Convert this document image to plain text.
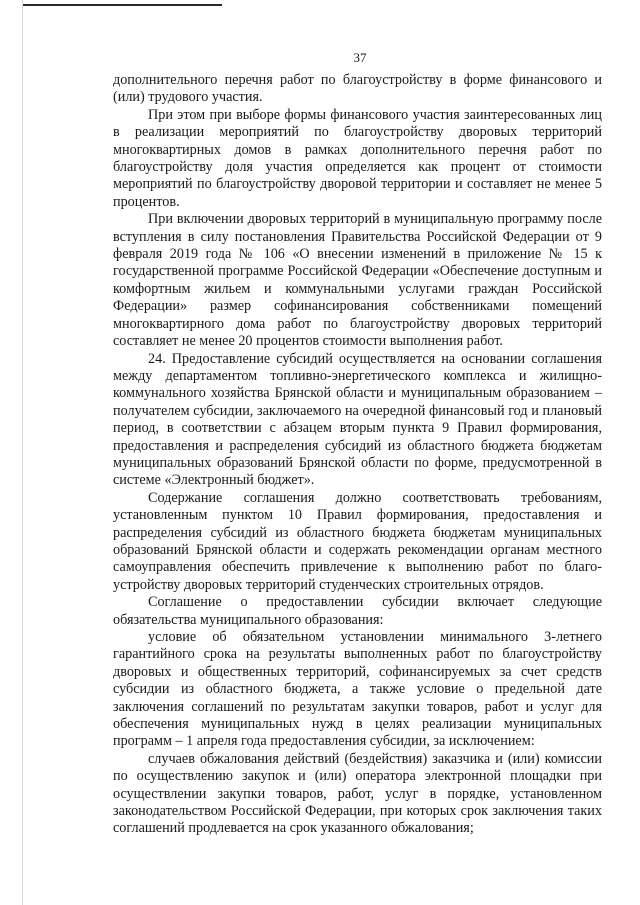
37

дополнительного перечня работ по благоустройству в форме финансового и (или) трудового участия.

При этом при выборе формы финансового участия заинтересованных лиц в реализации мероприятий по благоустройству дворовых территорий многоквартирных домов в рамках дополнительного перечня работ по благоустройству доля участия определяется как процент от стоимости мероприятий по благоустройству дворовой территории и составляет не менее 5 процентов.

При включении дворовых территорий в муниципальную программу после вступления в силу постановления Правительства Российской Федерации от 9 февраля 2019 года № 106 «О внесении изменений в приложение № 15 к государственной программе Российской Федерации «Обеспечение доступным и комфортным жильем и коммунальными услугами граждан Российской Федерации» размер софинансирования собственниками помещений многоквартирного дома работ по благоустройству дворовых территорий составляет не менее 20 процентов стоимости выполнения работ.

24. Предоставление субсидий осуществляется на основании соглашения между департаментом топливно-энергетического комплекса и жилищно-коммунального хозяйства Брянской области и муниципальным образованием – получателем субсидии, заключаемого на очередной финансовый год и плановый период, в соответствии с абзацем вторым пункта 9 Правил формирования, предоставления и распределения субсидий из областного бюджета бюджетам муниципальных образований Брянской области по форме, предусмотренной в системе «Электронный бюджет».

Содержание соглашения должно соответствовать требованиям, установленным пунктом 10 Правил формирования, предоставления и распределения субсидий из областного бюджета бюджетам муниципальных образований Брянской области и содержать рекомендации органам местного самоуправления обеспечить привлечение к выполнению работ по благоустройству дворовых территорий студенческих строительных отрядов.

Соглашение о предоставлении субсидии включает следующие обязательства муниципального образования:

условие об обязательном установлении минимального 3-летнего гарантийного срока на результаты выполненных работ по благоустройству дворовых и общественных территорий, софинансируемых за счет средств субсидии из областного бюджета, а также условие о предельной дате заключения соглашений по результатам закупки товаров, работ и услуг для обеспечения муниципальных нужд в целях реализации муниципальных программ – 1 апреля года предоставления субсидии, за исключением:

случаев обжалования действий (бездействия) заказчика и (или) комиссии по осуществлению закупок и (или) оператора электронной площадки при осуществлении закупки товаров, работ, услуг в порядке, установленном законодательством Российской Федерации, при которых срок заключения таких соглашений продлевается на срок указанного обжалования;
